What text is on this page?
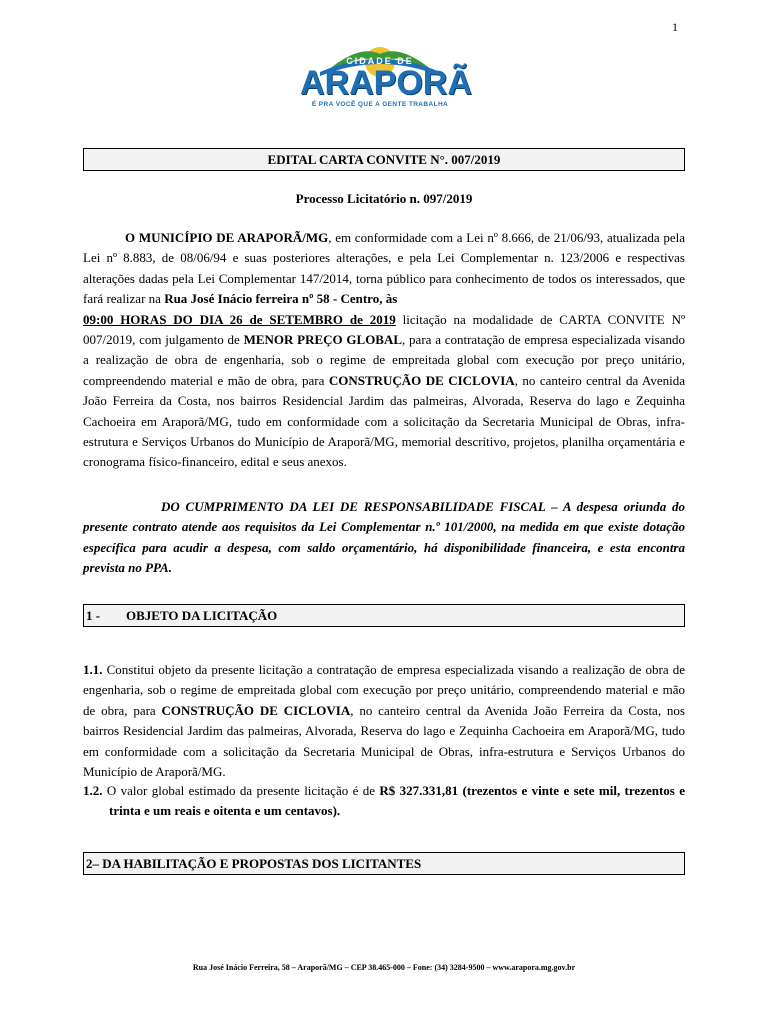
1
CIDADE DE
ARAPORÃ
É PRA VOCÊ QUE A GENTE TRABALHA
EDITAL CARTA CONVITE N°. 007/2019
Processo Licitatório n. 097/2019
O MUNICÍPIO DE ARAPORÃ/MG, em conformidade com a Lei nº 8.666, de 21/06/93, atualizada pela Lei nº 8.883, de 08/06/94 e suas posteriores alterações, e pela Lei Complementar n. 123/2006 e respectivas alterações dadas pela Lei Complementar 147/2014, torna público para conhecimento de todos os interessados, que fará realizar na Rua José Inácio ferreira nº 58 - Centro, às
09:00 HORAS DO DIA 26 de SETEMBRO de 2019 licitação na modalidade de CARTA CONVITE Nº 007/2019, com julgamento de MENOR PREÇO GLOBAL, para a contratação de empresa especializada visando a realização de obra de engenharia, sob o regime de empreitada global com execução por preço unitário, compreendendo material e mão de obra, para CONSTRUÇÃO DE CICLOVIA, no canteiro central da Avenida João Ferreira da Costa, nos bairros Residencial Jardim das palmeiras, Alvorada, Reserva do lago e Zequinha Cachoeira em Araporã/MG, tudo em conformidade com a solicitação da Secretaria Municipal de Obras, infra-estrutura e Serviços Urbanos do Município de Araporã/MG, memorial descritivo, projetos, planilha orçamentária e cronograma físico-financeiro, edital e seus anexos.
DO CUMPRIMENTO DA LEI DE RESPONSABILIDADE FISCAL – A despesa oriunda do presente contrato atende aos requisitos da Lei Complementar n.º 101/2000, na medida em que existe dotação específica para acudir a despesa, com saldo orçamentário, há disponibilidade financeira, e esta encontra prevista no PPA.
1 - OBJETO DA LICITAÇÃO
1.1. Constitui objeto da presente licitação a contratação de empresa especializada visando a realização de obra de engenharia, sob o regime de empreitada global com execução por preço unitário, compreendendo material e mão de obra, para CONSTRUÇÃO DE CICLOVIA, no canteiro central da Avenida João Ferreira da Costa, nos bairros Residencial Jardim das palmeiras, Alvorada, Reserva do lago e Zequinha Cachoeira em Araporã/MG, tudo em conformidade com a solicitação da Secretaria Municipal de Obras, infra-estrutura e Serviços Urbanos do Município de Araporã/MG.
1.2. O valor global estimado da presente licitação é de R$ 327.331,81 (trezentos e vinte e sete mil, trezentos e trinta e um reais e oitenta e um centavos).
2– DA HABILITAÇÃO E PROPOSTAS DOS LICITANTES
Rua José Inácio Ferreira, 58 – Araporã/MG – CEP 38.465-000 – Fone: (34) 3284-9500 – www.arapora.mg.gov.br
